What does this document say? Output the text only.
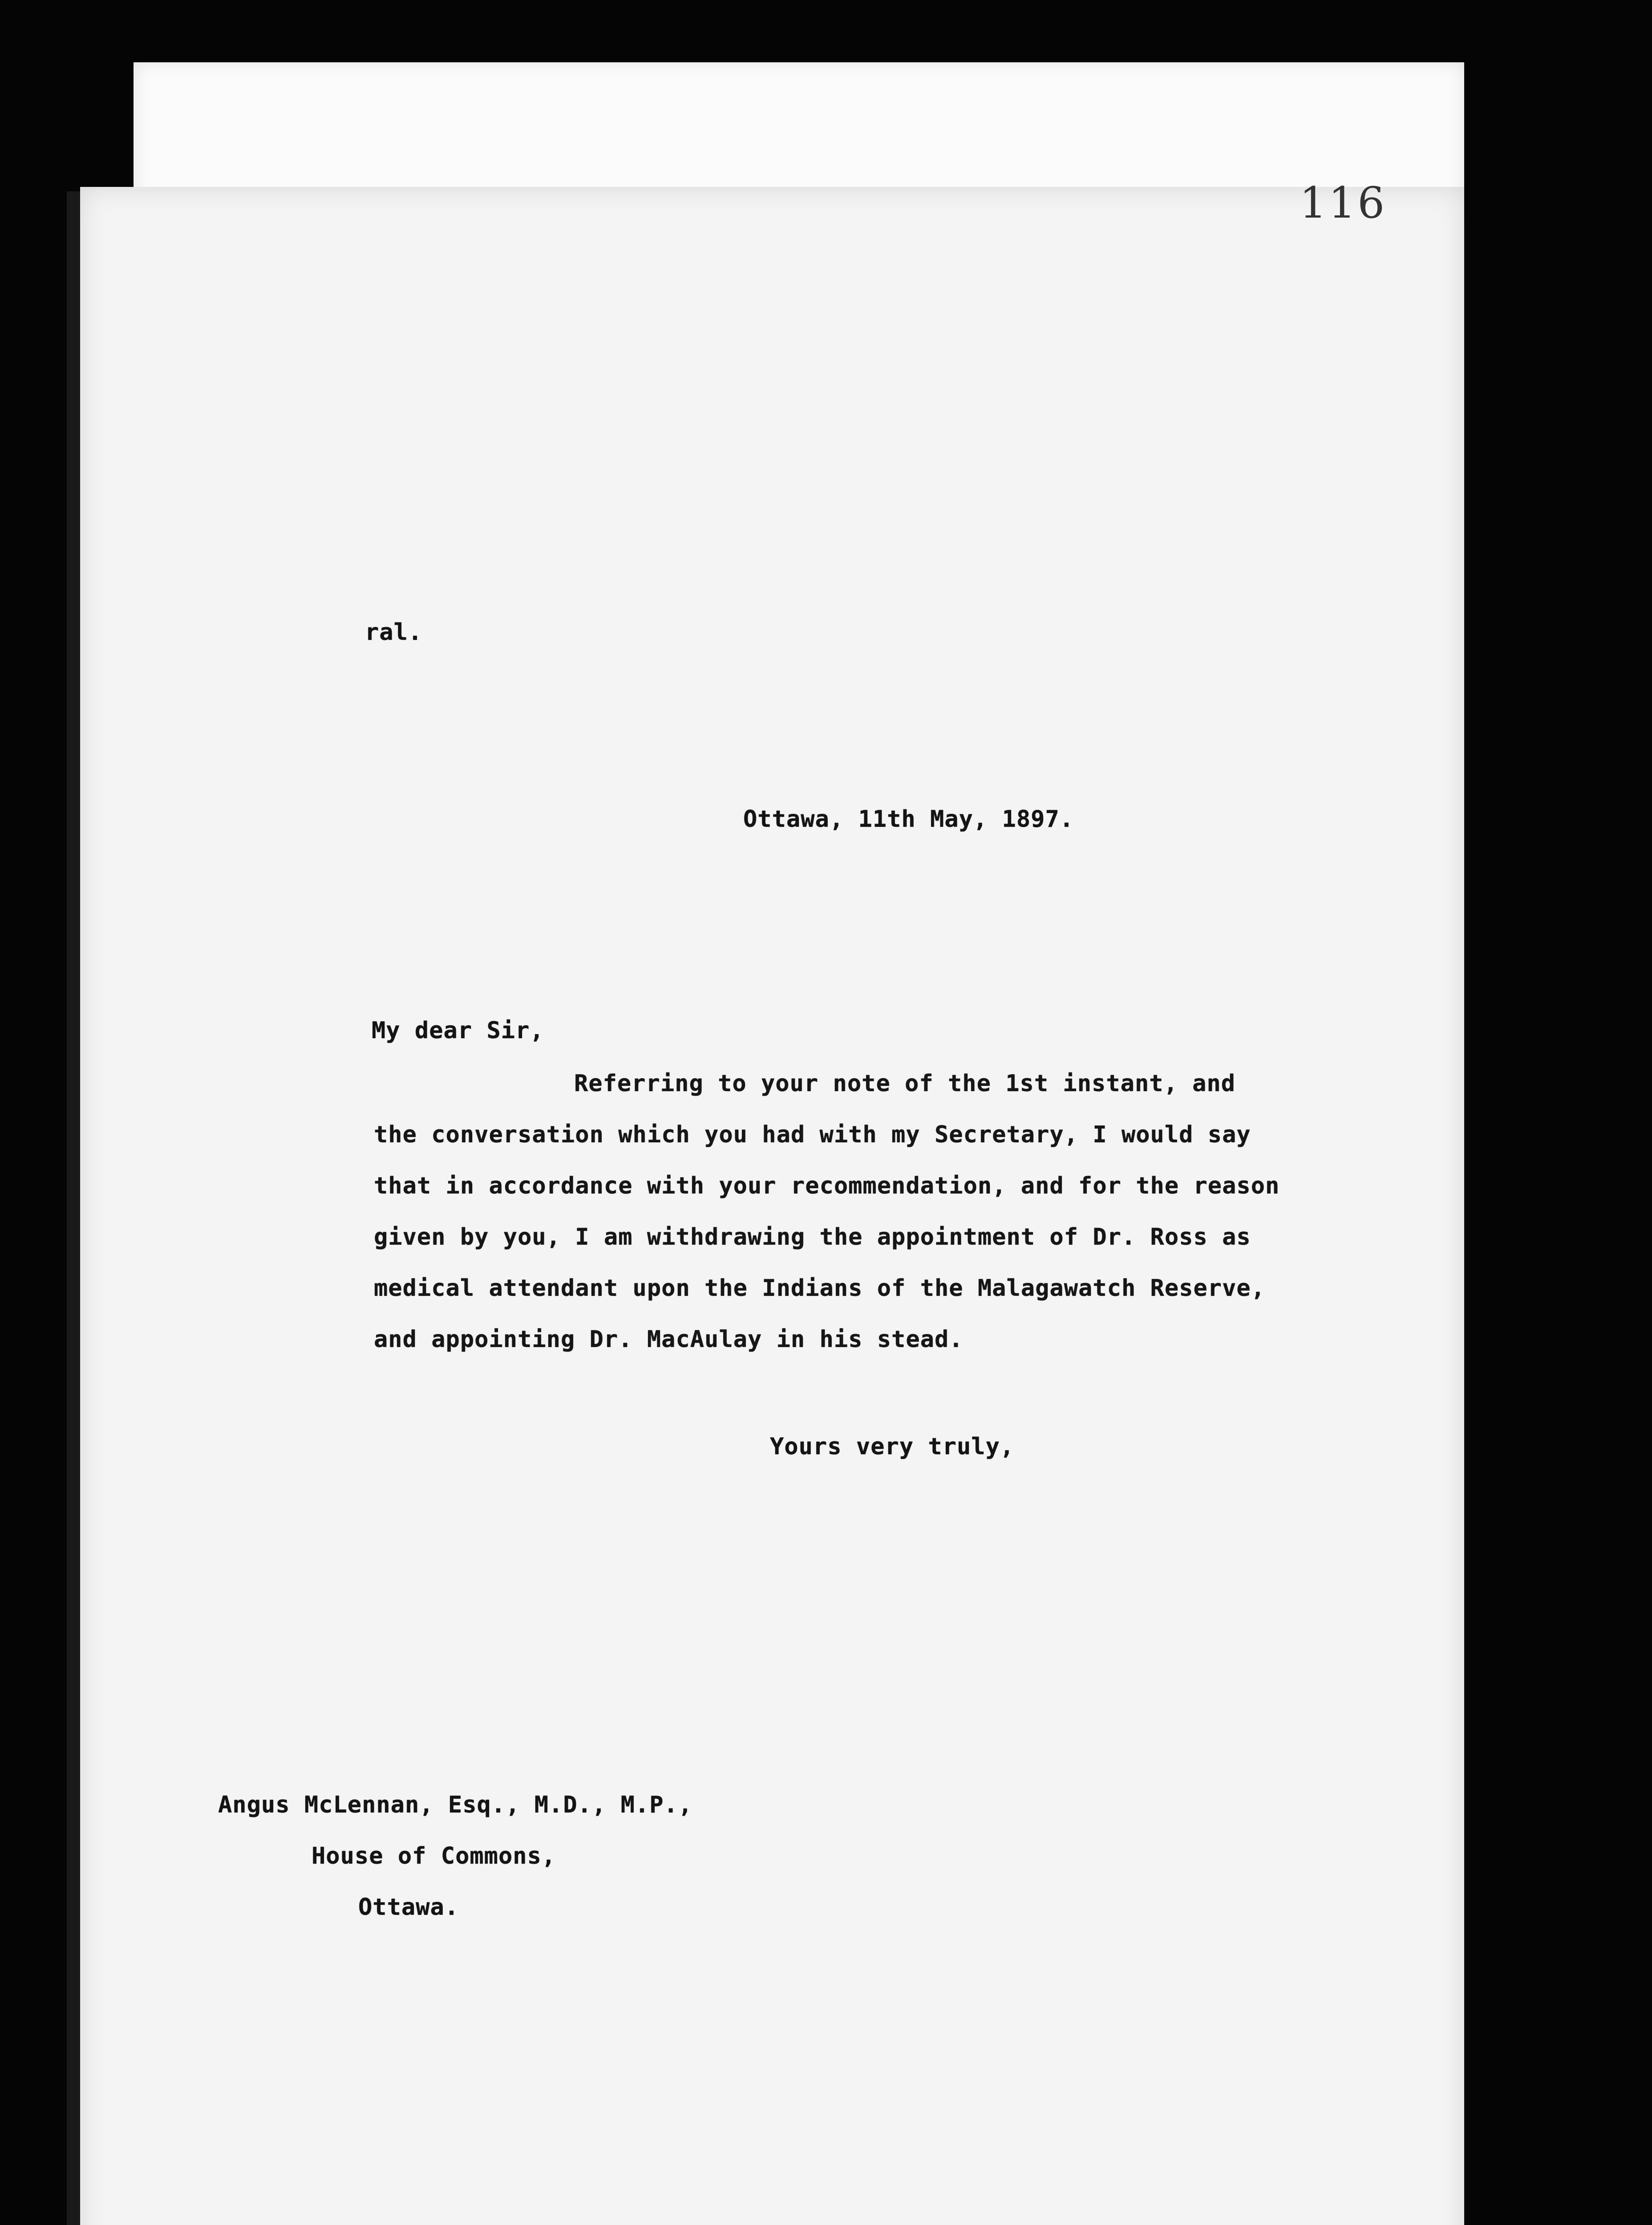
116
ral.
Ottawa, 11th May, 1897.
My dear Sir,
Referring to your note of the 1st instant, and
the conversation which you had with my Secretary, I would say
that in accordance with your recommendation, and for the reason
given by you, I am withdrawing the appointment of Dr. Ross as
medical attendant upon the Indians of the Malagawatch Reserve,
and appointing Dr. MacAulay in his stead.
Yours very truly,
Angus McLennan, Esq., M.D., M.P.,
House of Commons,
Ottawa.
